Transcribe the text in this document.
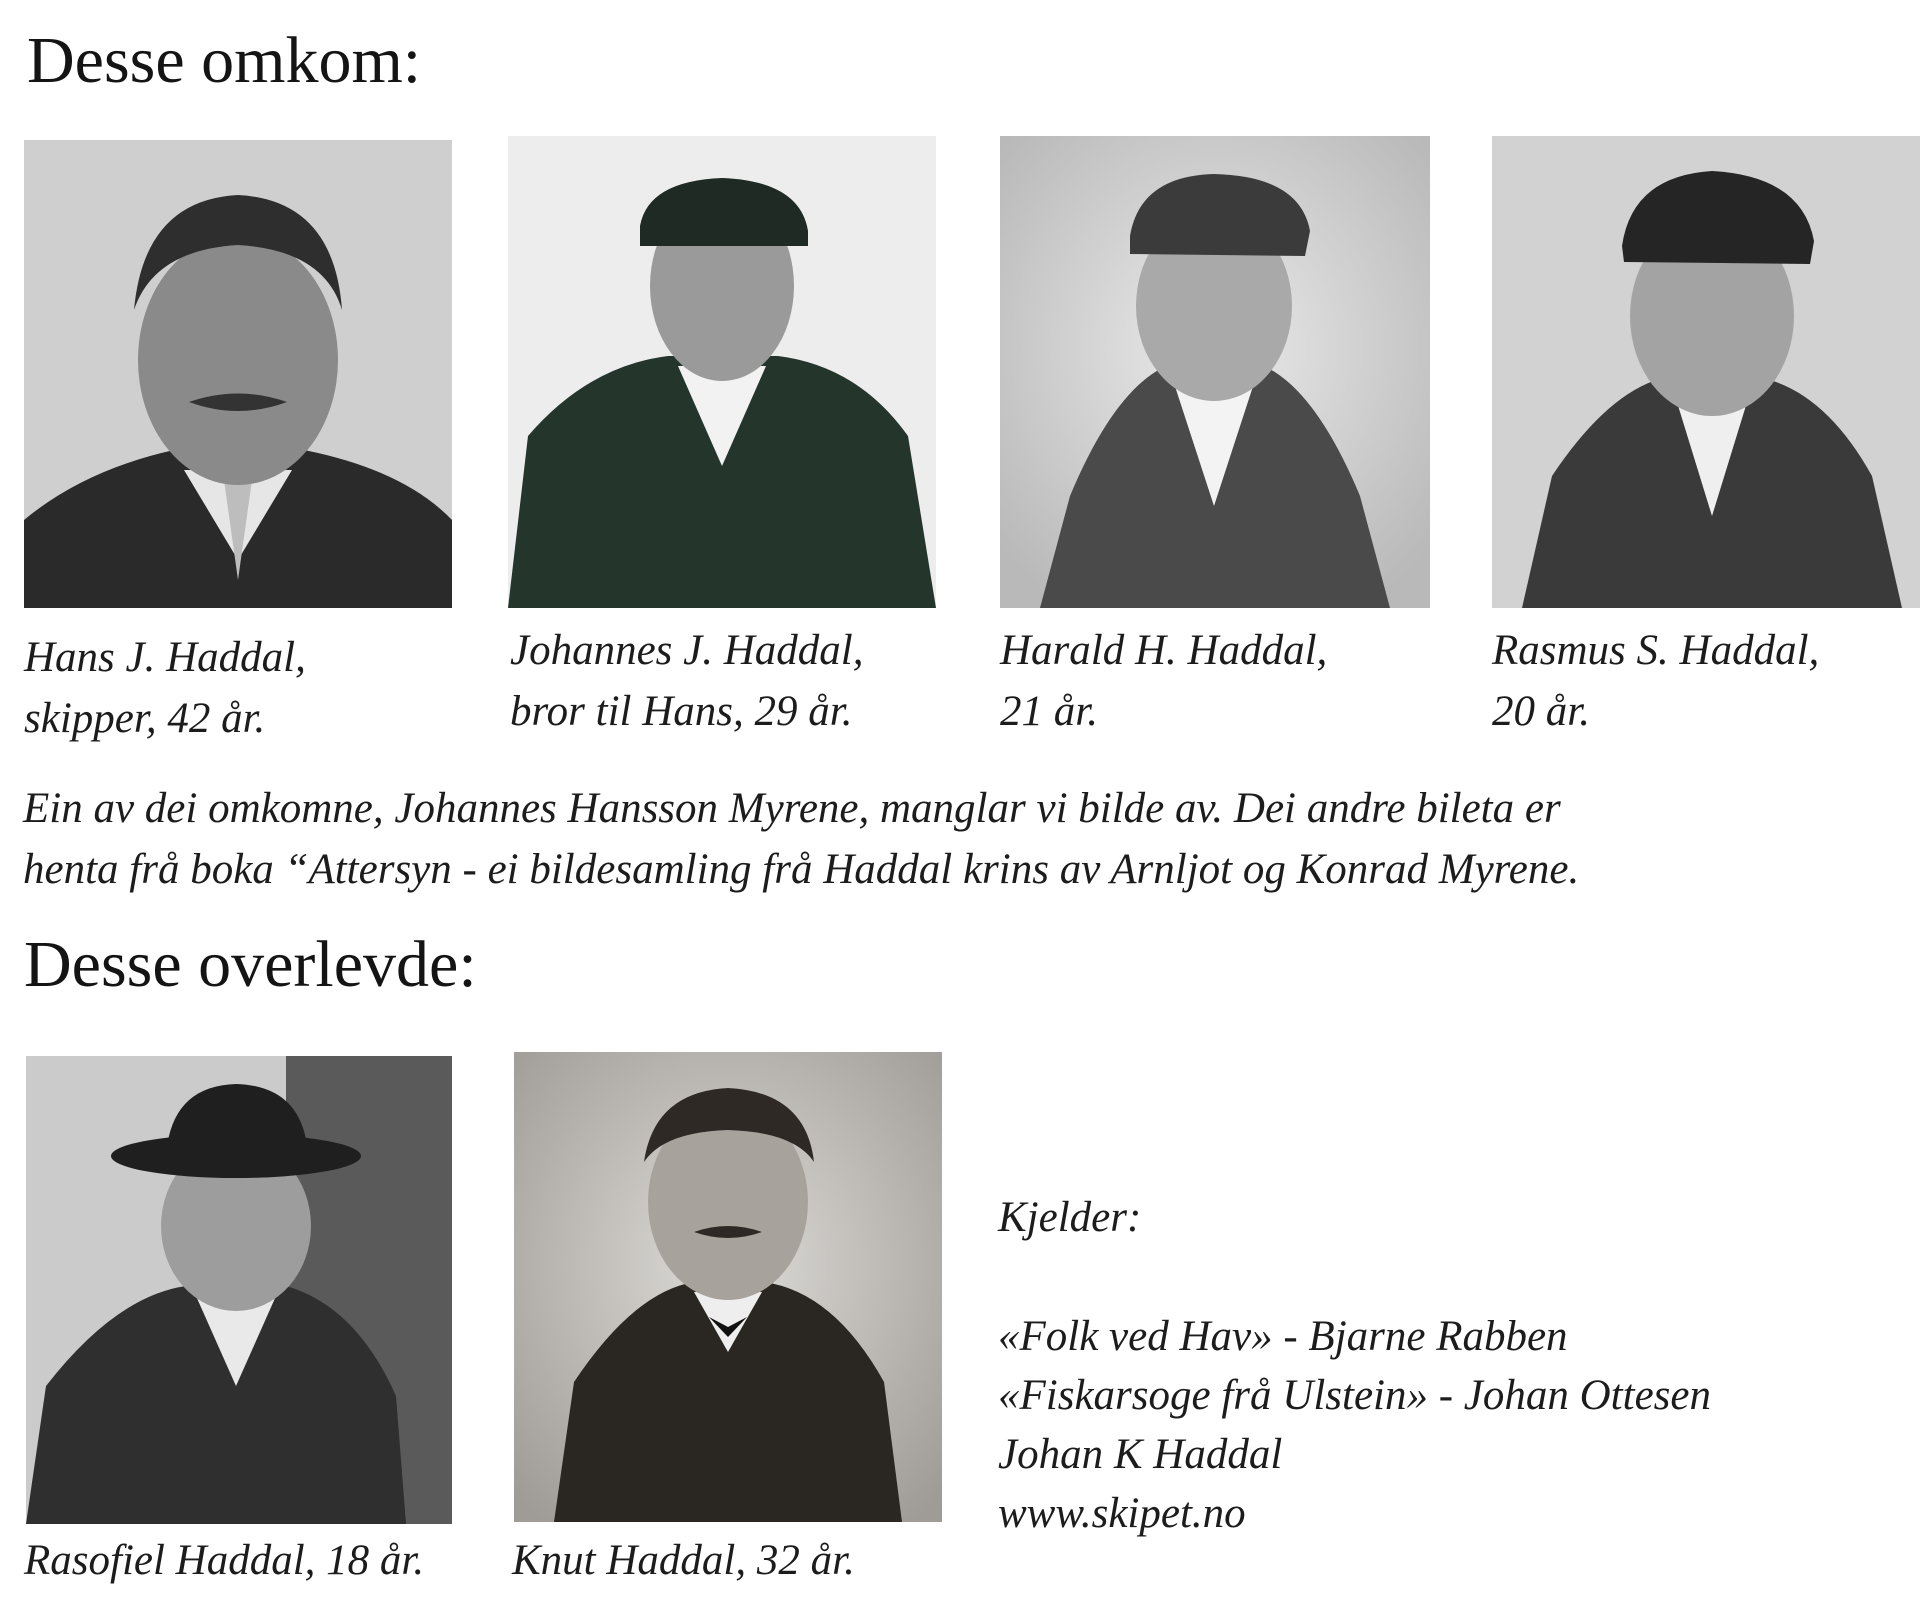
Desse omkom:
Hans J. Haddal,
skipper, 42 år.
Johannes J. Haddal,
bror til Hans, 29 år.
Harald H. Haddal,
21 år.
Rasmus S. Haddal,
20 år.
Ein av dei omkomne, Johannes Hansson Myrene, manglar vi bilde av. Dei andre bileta er
henta frå boka “Attersyn - ei bildesamling frå Haddal krins av Arnljot og Konrad Myrene.
Desse overlevde:
Rasofiel Haddal, 18 år. Knut Haddal, 32 år.
Kjelder:
«Folk ved Hav» - Bjarne Rabben
«Fiskarsoge frå Ulstein» - Johan Ottesen
Johan K Haddal
www.skipet.no
